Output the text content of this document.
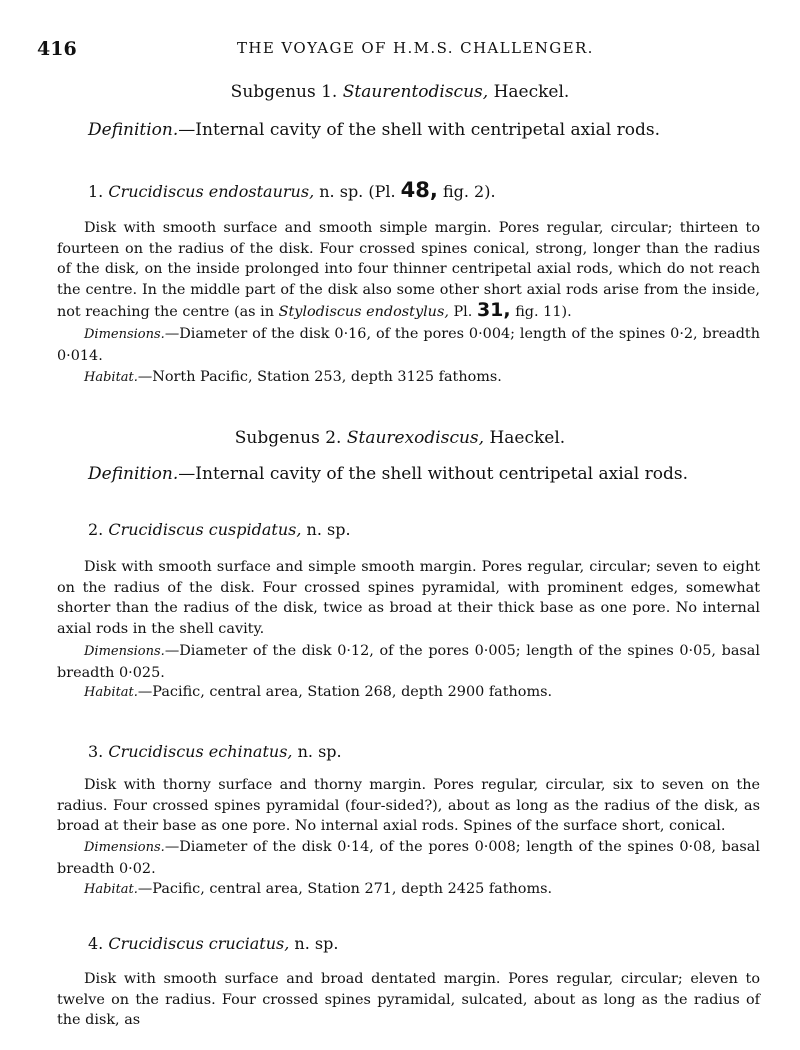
416	THE VOYAGE OF H.M.S. CHALLENGER.
Subgenus 1. Staurentodiscus, Haeckel.
Definition.—Internal cavity of the shell with centripetal axial rods.
1. Crucidiscus endostaurus, n. sp. (Pl. 48, fig. 2).

Disk with smooth surface and smooth simple margin. Pores regular, circular; thirteen to fourteen on the radius of the disk. Four crossed spines conical, strong, longer than the radius of the disk, on the inside prolonged into four thinner centripetal axial rods, which do not reach the centre. In the middle part of the disk also some other short axial rods arise from the inside, not reaching the centre (as in Stylodiscus endostylus, Pl. 31, fig. 11).

Dimensions.—Diameter of the disk 0·16, of the pores 0·004; length of the spines 0·2, breadth 0·014.

Habitat.—North Pacific, Station 253, depth 3125 fathoms.

Subgenus 2. Staurexodiscus, Haeckel.
Definition.—Internal cavity of the shell without centripetal axial rods.
2. Crucidiscus cuspidatus, n. sp.

Disk with smooth surface and simple smooth margin. Pores regular, circular; seven to eight on the radius of the disk. Four crossed spines pyramidal, with prominent edges, somewhat shorter than the radius of the disk, twice as broad at their thick base as one pore. No internal axial rods in the shell cavity.

Dimensions.—Diameter of the disk 0·12, of the pores 0·005; length of the spines 0·05, basal breadth 0·025.

Habitat.—Pacific, central area, Station 268, depth 2900 fathoms.

3. Crucidiscus echinatus, n. sp.

Disk with thorny surface and thorny margin. Pores regular, circular, six to seven on the radius. Four crossed spines pyramidal (four-sided?), about as long as the radius of the disk, as broad at their base as one pore. No internal axial rods. Spines of the surface short, conical.

Dimensions.—Diameter of the disk 0·14, of the pores 0·008; length of the spines 0·08, basal breadth 0·02.

Habitat.—Pacific, central area, Station 271, depth 2425 fathoms.

4. Crucidiscus cruciatus, n. sp.

Disk with smooth surface and broad dentated margin. Pores regular, circular; eleven to twelve on the radius. Four crossed spines pyramidal, sulcated, about as long as the radius of the disk, as
